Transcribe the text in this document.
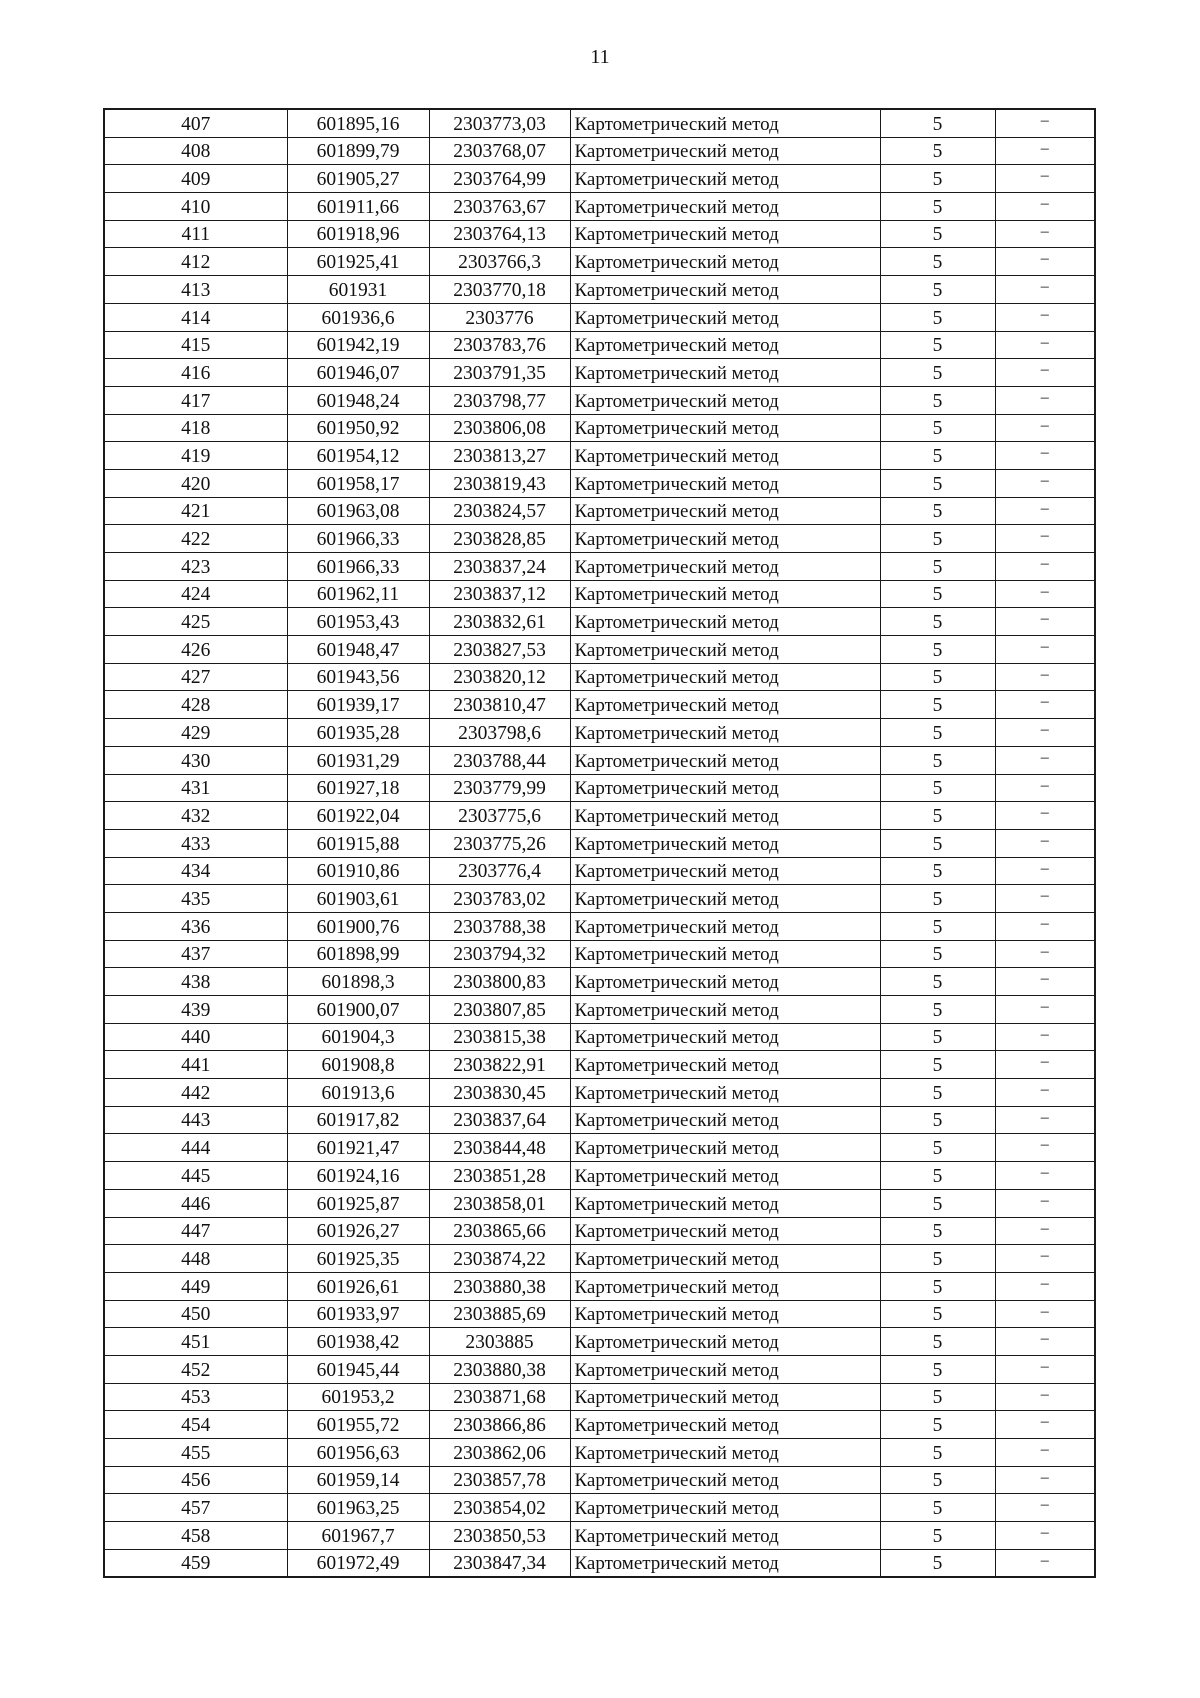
11
407	601895,16	2303773,03	Картометрический метод	5	–
408	601899,79	2303768,07	Картометрический метод	5	–
409	601905,27	2303764,99	Картометрический метод	5	–
410	601911,66	2303763,67	Картометрический метод	5	–
411	601918,96	2303764,13	Картометрический метод	5	–
412	601925,41	2303766,3	Картометрический метод	5	–
413	601931	2303770,18	Картометрический метод	5	–
414	601936,6	2303776	Картометрический метод	5	–
415	601942,19	2303783,76	Картометрический метод	5	–
416	601946,07	2303791,35	Картометрический метод	5	–
417	601948,24	2303798,77	Картометрический метод	5	–
418	601950,92	2303806,08	Картометрический метод	5	–
419	601954,12	2303813,27	Картометрический метод	5	–
420	601958,17	2303819,43	Картометрический метод	5	–
421	601963,08	2303824,57	Картометрический метод	5	–
422	601966,33	2303828,85	Картометрический метод	5	–
423	601966,33	2303837,24	Картометрический метод	5	–
424	601962,11	2303837,12	Картометрический метод	5	–
425	601953,43	2303832,61	Картометрический метод	5	–
426	601948,47	2303827,53	Картометрический метод	5	–
427	601943,56	2303820,12	Картометрический метод	5	–
428	601939,17	2303810,47	Картометрический метод	5	–
429	601935,28	2303798,6	Картометрический метод	5	–
430	601931,29	2303788,44	Картометрический метод	5	–
431	601927,18	2303779,99	Картометрический метод	5	–
432	601922,04	2303775,6	Картометрический метод	5	–
433	601915,88	2303775,26	Картометрический метод	5	–
434	601910,86	2303776,4	Картометрический метод	5	–
435	601903,61	2303783,02	Картометрический метод	5	–
436	601900,76	2303788,38	Картометрический метод	5	–
437	601898,99	2303794,32	Картометрический метод	5	–
438	601898,3	2303800,83	Картометрический метод	5	–
439	601900,07	2303807,85	Картометрический метод	5	–
440	601904,3	2303815,38	Картометрический метод	5	–
441	601908,8	2303822,91	Картометрический метод	5	–
442	601913,6	2303830,45	Картометрический метод	5	–
443	601917,82	2303837,64	Картометрический метод	5	–
444	601921,47	2303844,48	Картометрический метод	5	–
445	601924,16	2303851,28	Картометрический метод	5	–
446	601925,87	2303858,01	Картометрический метод	5	–
447	601926,27	2303865,66	Картометрический метод	5	–
448	601925,35	2303874,22	Картометрический метод	5	–
449	601926,61	2303880,38	Картометрический метод	5	–
450	601933,97	2303885,69	Картометрический метод	5	–
451	601938,42	2303885	Картометрический метод	5	–
452	601945,44	2303880,38	Картометрический метод	5	–
453	601953,2	2303871,68	Картометрический метод	5	–
454	601955,72	2303866,86	Картометрический метод	5	–
455	601956,63	2303862,06	Картометрический метод	5	–
456	601959,14	2303857,78	Картометрический метод	5	–
457	601963,25	2303854,02	Картометрический метод	5	–
458	601967,7	2303850,53	Картометрический метод	5	–
459	601972,49	2303847,34	Картометрический метод	5	–
